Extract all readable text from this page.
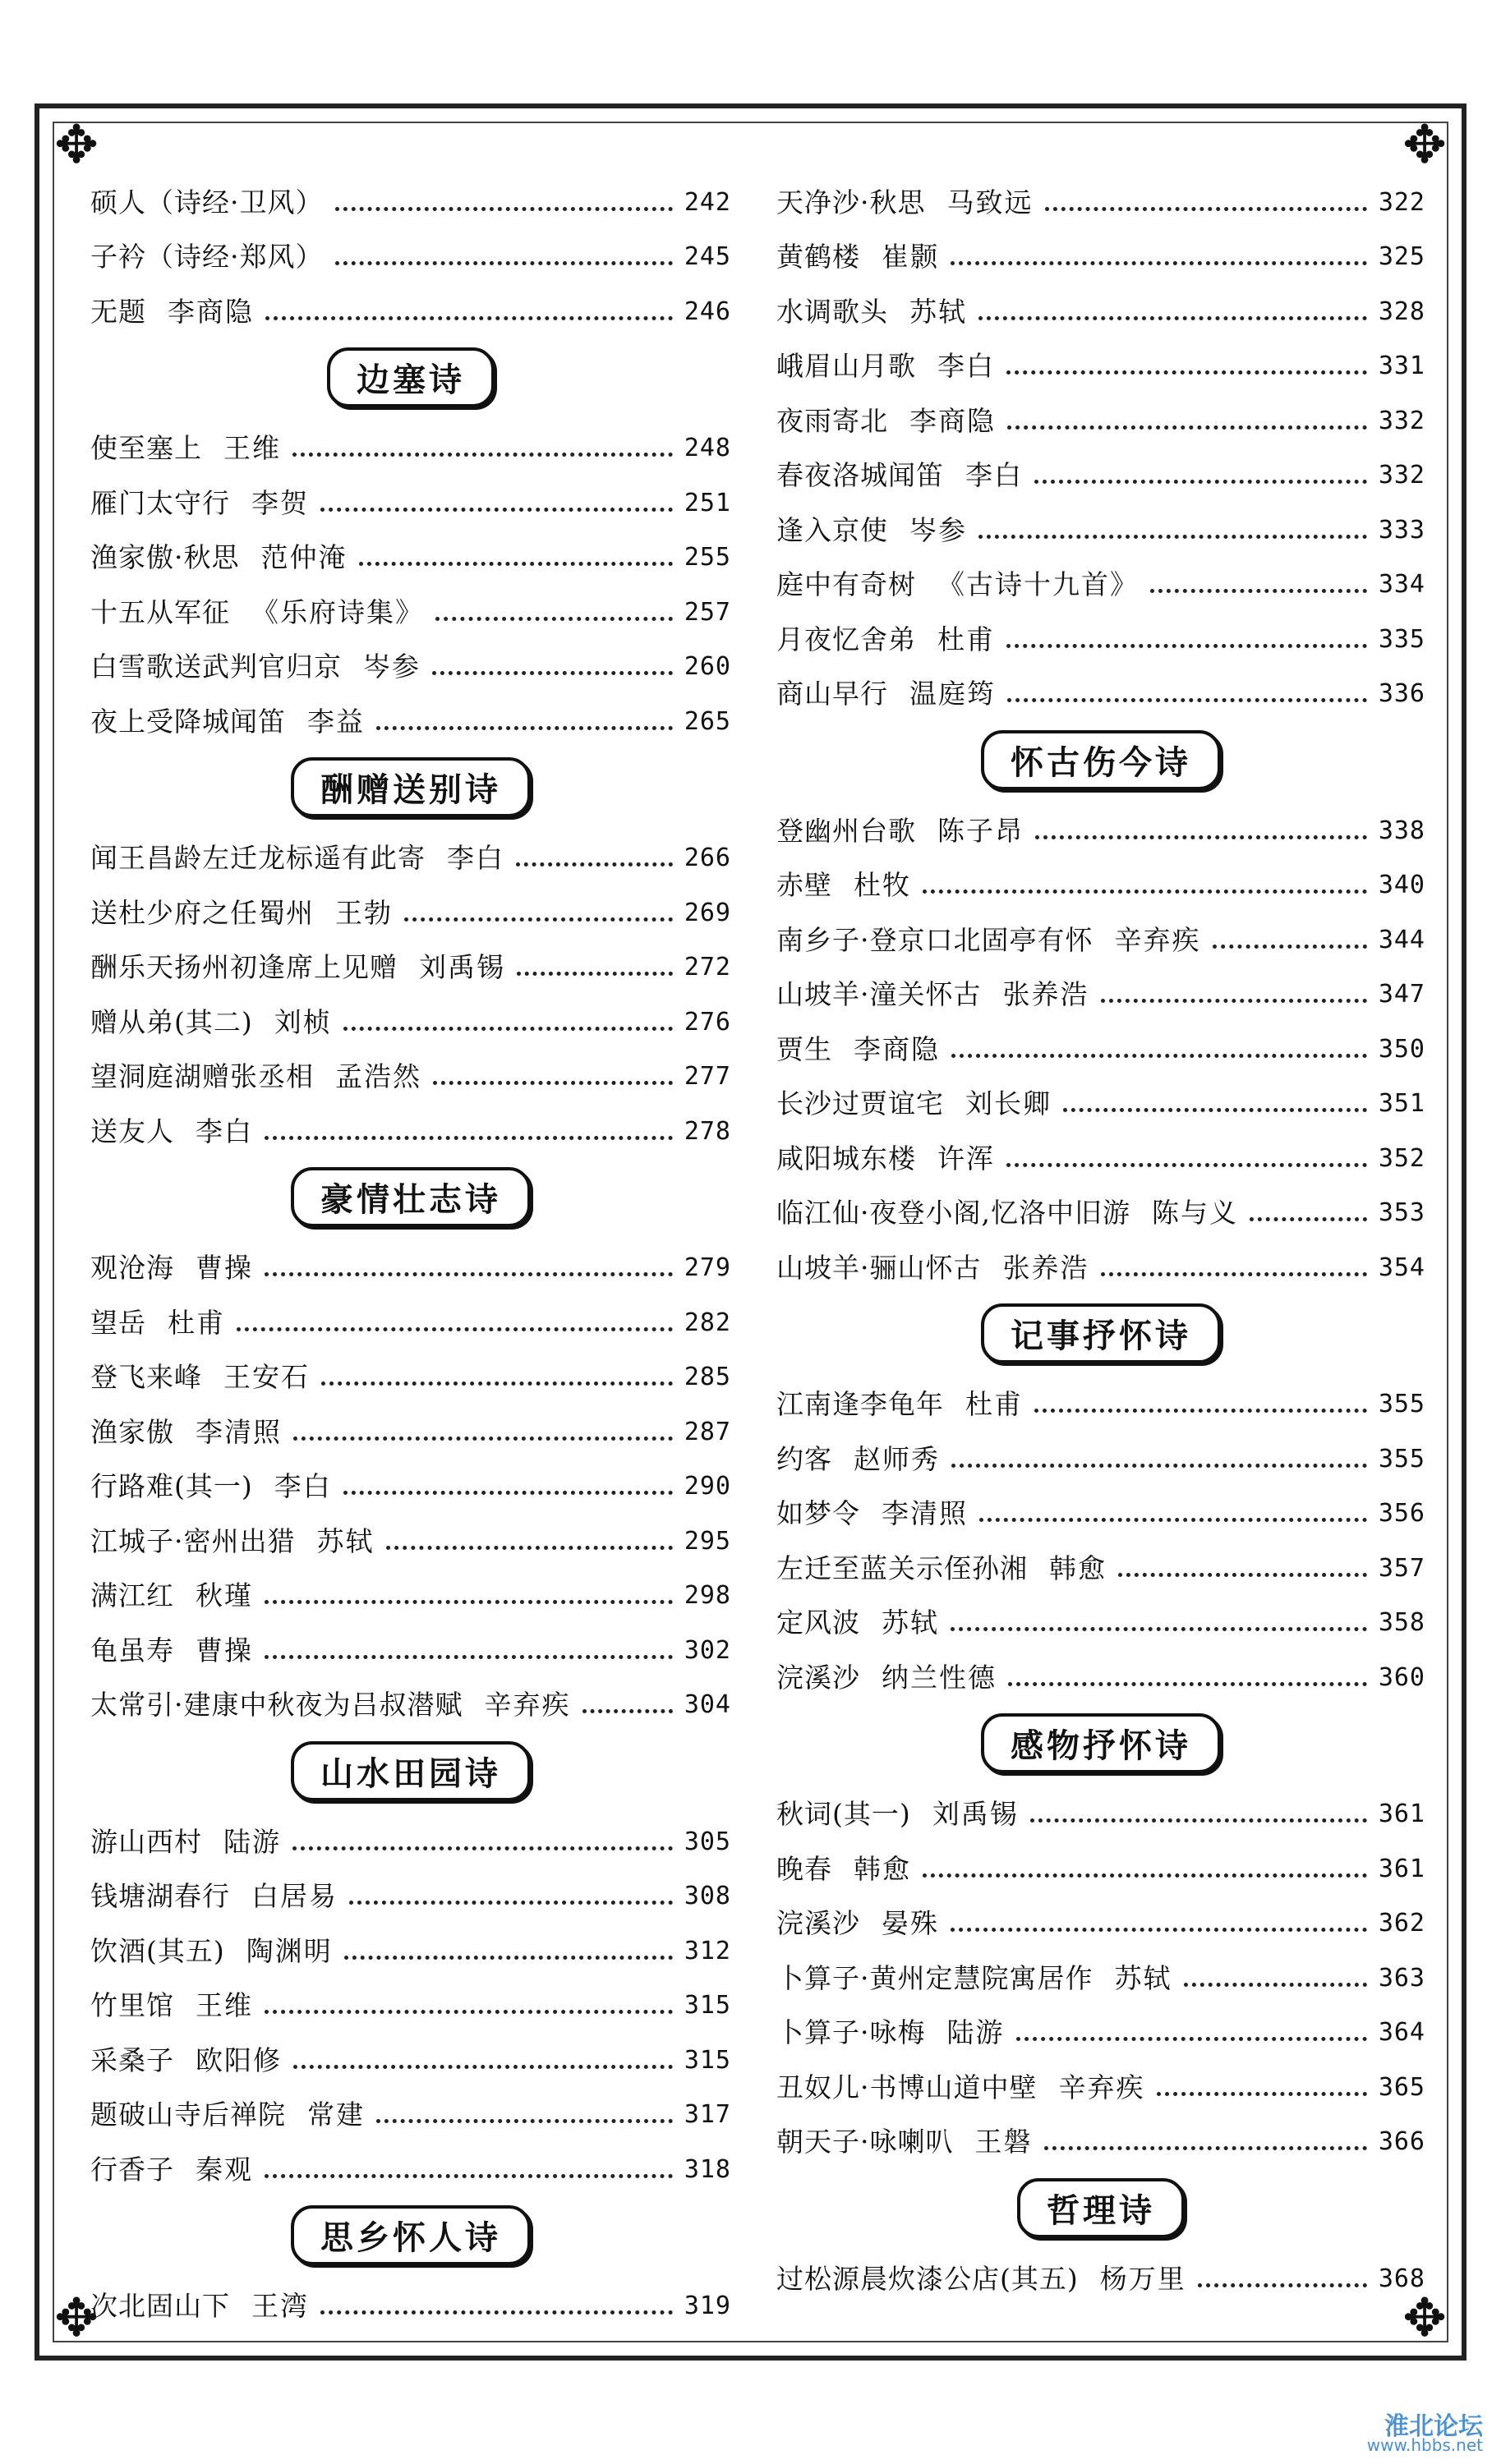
✥	✥
✥	✥
硕人（诗经·卫风）	242
子衿（诗经·郑风）	245
无题 李商隐	246
边塞诗
使至塞上 王维	248
雁门太守行 李贺	251
渔家傲·秋思 范仲淹	255
十五从军征 《乐府诗集》	257
白雪歌送武判官归京 岑参	260
夜上受降城闻笛 李益	265
酬赠送别诗
闻王昌龄左迁龙标遥有此寄 李白	266
送杜少府之任蜀州 王勃	269
酬乐天扬州初逢席上见赠 刘禹锡	272
赠从弟(其二) 刘桢	276
望洞庭湖赠张丞相 孟浩然	277
送友人 李白	278
豪情壮志诗
观沧海 曹操	279
望岳 杜甫	282
登飞来峰 王安石	285
渔家傲 李清照	287
行路难(其一) 李白	290
江城子·密州出猎 苏轼	295
满江红 秋瑾	298
龟虽寿 曹操	302
太常引·建康中秋夜为吕叔潜赋 辛弃疾	304
山水田园诗
游山西村 陆游	305
钱塘湖春行 白居易	308
饮酒(其五) 陶渊明	312
竹里馆 王维	315
采桑子 欧阳修	315
题破山寺后禅院 常建	317
行香子 秦观	318
思乡怀人诗
次北固山下 王湾	319
天净沙·秋思 马致远	322
黄鹤楼 崔颢	325
水调歌头 苏轼	328
峨眉山月歌 李白	331
夜雨寄北 李商隐	332
春夜洛城闻笛 李白	332
逢入京使 岑参	333
庭中有奇树 《古诗十九首》	334
月夜忆舍弟 杜甫	335
商山早行 温庭筠	336
怀古伤今诗
登幽州台歌 陈子昂	338
赤壁 杜牧	340
南乡子·登京口北固亭有怀 辛弃疾	344
山坡羊·潼关怀古 张养浩	347
贾生 李商隐	350
长沙过贾谊宅 刘长卿	351
咸阳城东楼 许浑	352
临江仙·夜登小阁,忆洛中旧游 陈与义	353
山坡羊·骊山怀古 张养浩	354
记事抒怀诗
江南逢李龟年 杜甫	355
约客 赵师秀	355
如梦令 李清照	356
左迁至蓝关示侄孙湘 韩愈	357
定风波 苏轼	358
浣溪沙 纳兰性德	360
感物抒怀诗
秋词(其一) 刘禹锡	361
晚春 韩愈	361
浣溪沙 晏殊	362
卜算子·黄州定慧院寓居作 苏轼	363
卜算子·咏梅 陆游	364
丑奴儿·书博山道中壁 辛弃疾	365
朝天子·咏喇叭 王磐	366
哲理诗
过松源晨炊漆公店(其五) 杨万里	368
淮北论坛
www.hbbs.net
